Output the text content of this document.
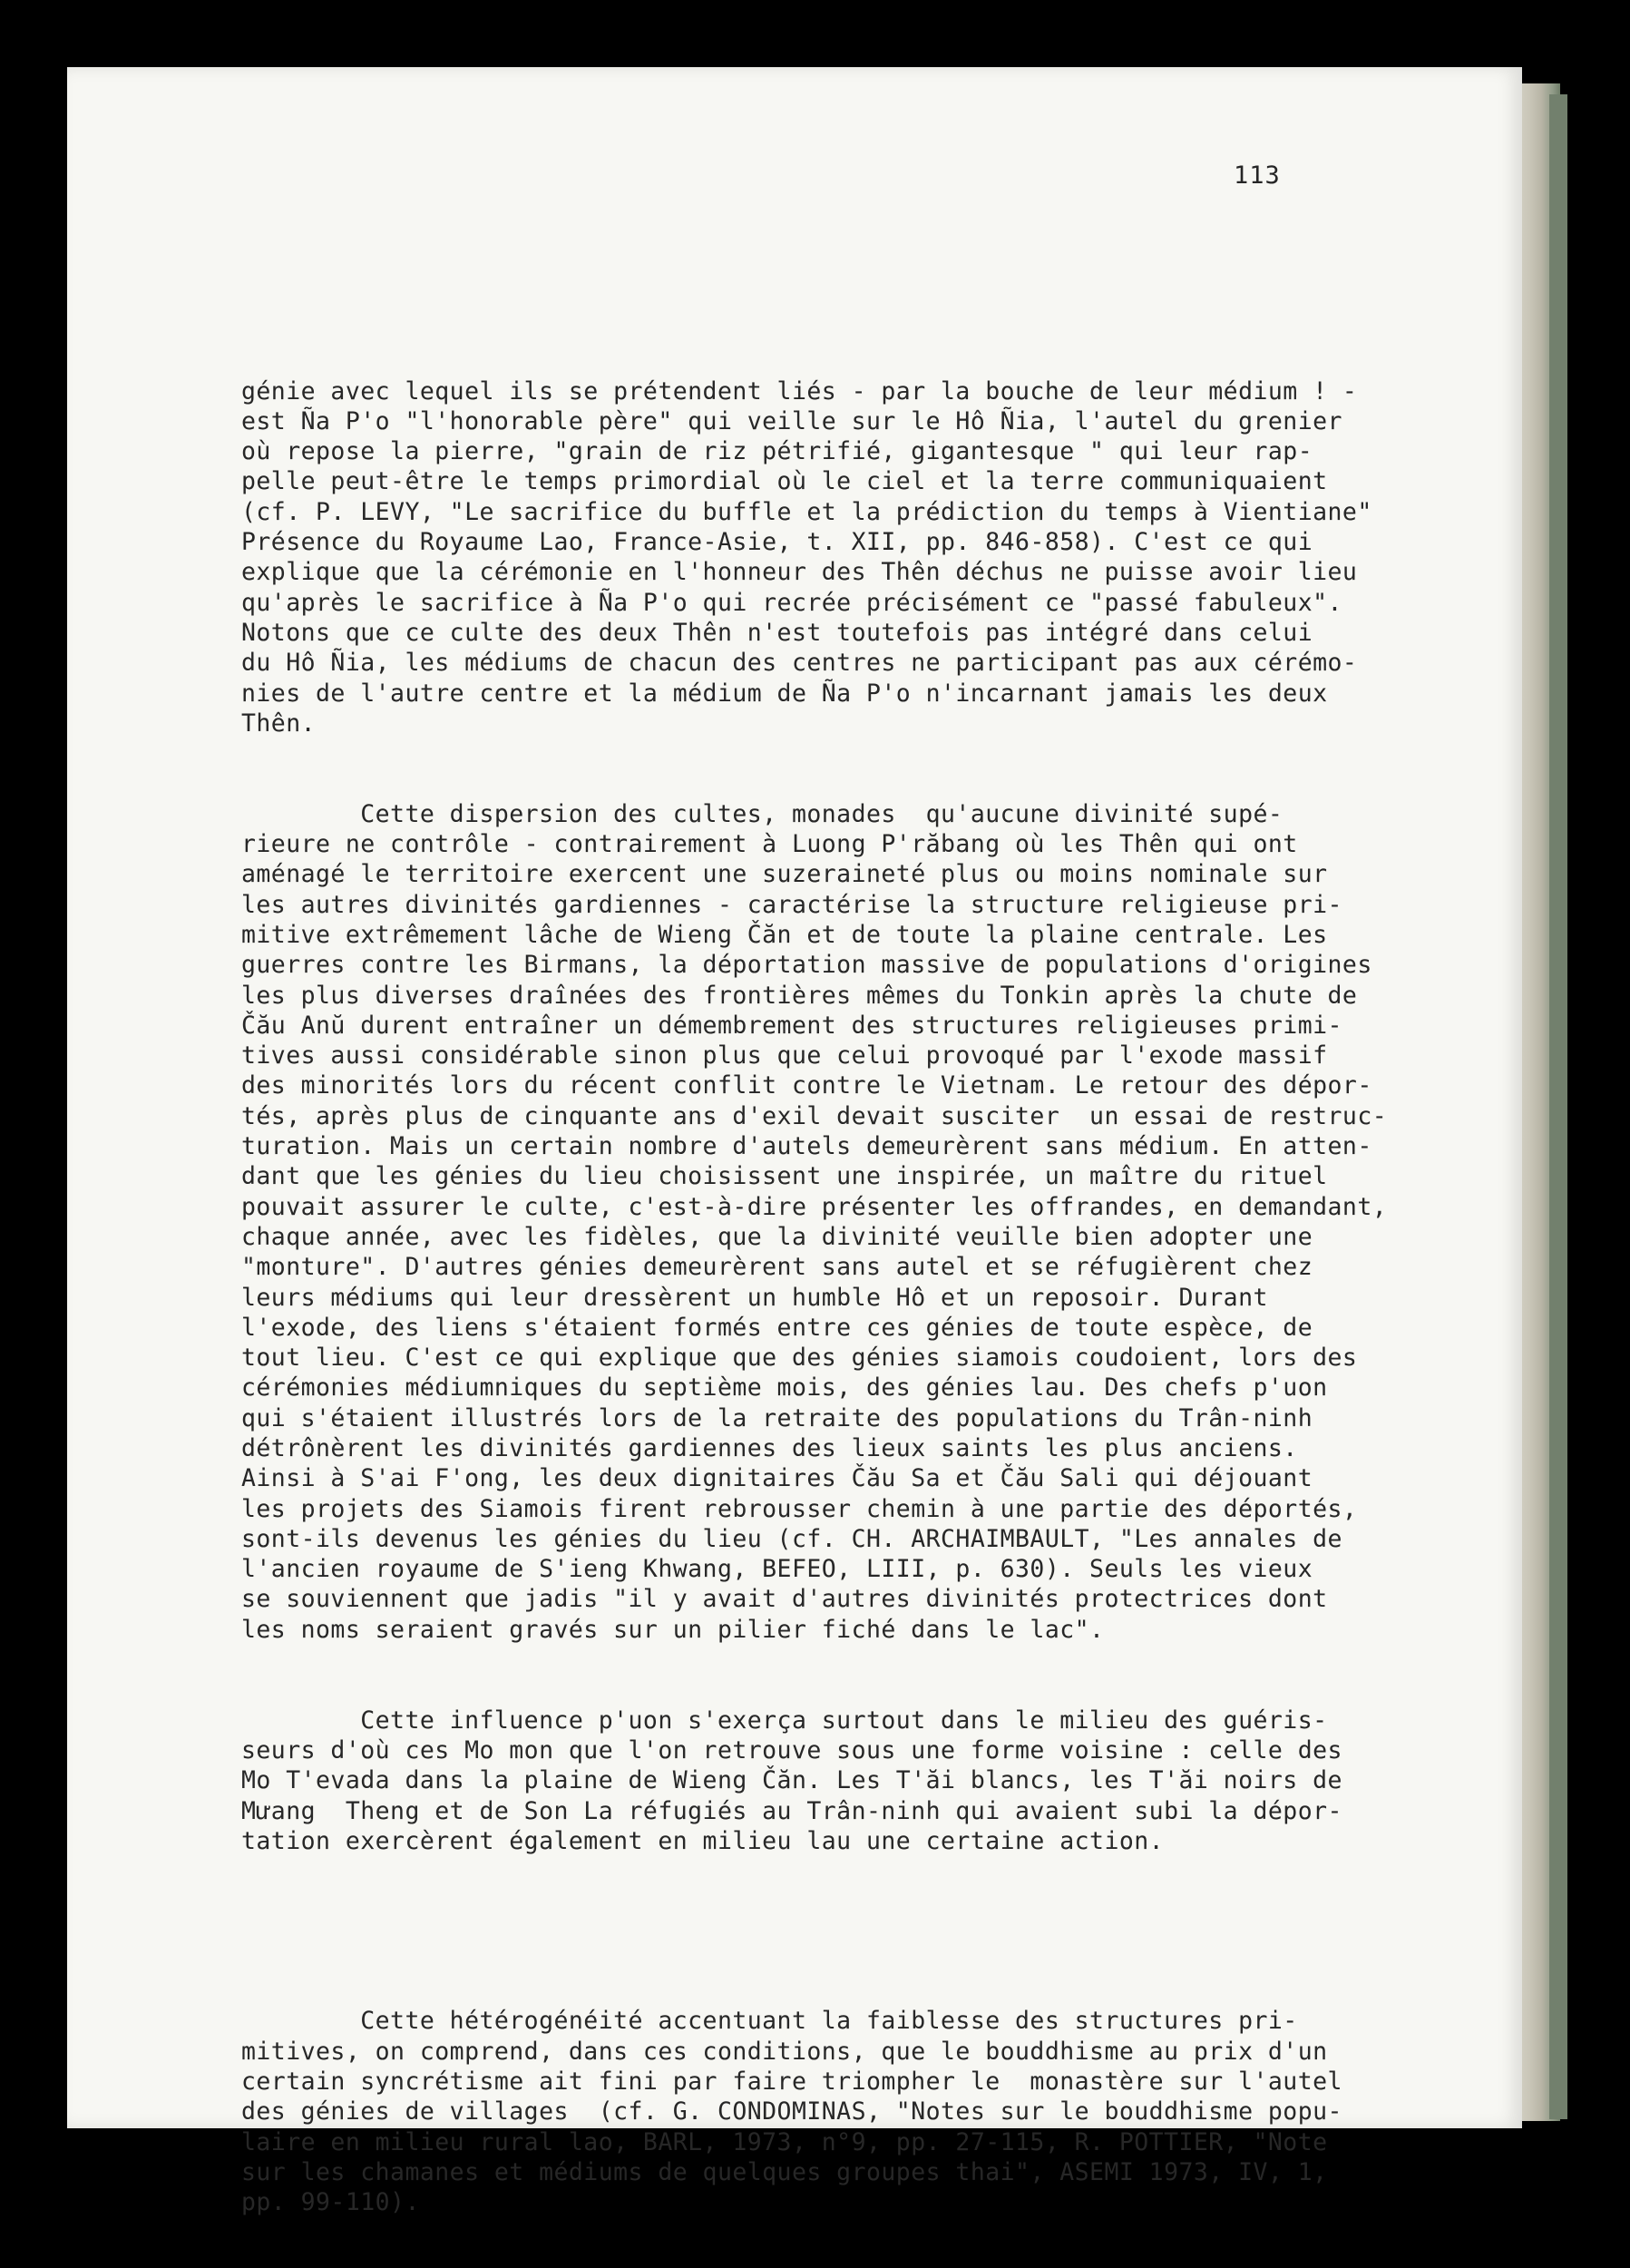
113

génie avec lequel ils se prétendent liés - par la bouche de leur médium ! -
est Ña P'o "l'honorable père" qui veille sur le Hô Ñia, l'autel du grenier
où repose la pierre, "grain de riz pétrifié, gigantesque " qui leur rap-
pelle peut-être le temps primordial où le ciel et la terre communiquaient
(cf. P. LEVY, "Le sacrifice du buffle et la prédiction du temps à Vientiane"
Présence du Royaume Lao, France-Asie, t. XII, pp. 846-858). C'est ce qui
explique que la cérémonie en l'honneur des Thên déchus ne puisse avoir lieu
qu'après le sacrifice à Ña P'o qui recrée précisément ce "passé fabuleux".
Notons que ce culte des deux Thên n'est toutefois pas intégré dans celui
du Hô Ñia, les médiums de chacun des centres ne participant pas aux cérémo-
nies de l'autre centre et la médium de Ña P'o n'incarnant jamais les deux
Thên.

Cette dispersion des cultes, monades  qu'aucune divinité supé-
rieure ne contrôle - contrairement à Luong P'răbang où les Thên qui ont
aménagé le territoire exercent une suzeraineté plus ou moins nominale sur
les autres divinités gardiennes - caractérise la structure religieuse pri-
mitive extrêmement lâche de Wieng Čăn et de toute la plaine centrale. Les
guerres contre les Birmans, la déportation massive de populations d'origines
les plus diverses draînées des frontières mêmes du Tonkin après la chute de
Čău Anŭ durent entraîner un démembrement des structures religieuses primi-
tives aussi considérable sinon plus que celui provoqué par l'exode massif
des minorités lors du récent conflit contre le Vietnam. Le retour des dépor-
tés, après plus de cinquante ans d'exil devait susciter  un essai de restruc-
turation. Mais un certain nombre d'autels demeurèrent sans médium. En atten-
dant que les génies du lieu choisissent une inspirée, un maître du rituel
pouvait assurer le culte, c'est-à-dire présenter les offrandes, en demandant,
chaque année, avec les fidèles, que la divinité veuille bien adopter une
"monture". D'autres génies demeurèrent sans autel et se réfugièrent chez
leurs médiums qui leur dressèrent un humble Hô et un reposoir. Durant
l'exode, des liens s'étaient formés entre ces génies de toute espèce, de
tout lieu. C'est ce qui explique que des génies siamois coudoient, lors des
cérémonies médiumniques du septième mois, des génies lau. Des chefs p'uon
qui s'étaient illustrés lors de la retraite des populations du Trân-ninh
détrônèrent les divinités gardiennes des lieux saints les plus anciens.
Ainsi à S'ai F'ong, les deux dignitaires Čău Sa et Čău Sali qui déjouant
les projets des Siamois firent rebrousser chemin à une partie des déportés,
sont-ils devenus les génies du lieu (cf. CH. ARCHAIMBAULT, "Les annales de
l'ancien royaume de S'ieng Khwang, BEFEO, LIII, p. 630). Seuls les vieux
se souviennent que jadis "il y avait d'autres divinités protectrices dont
les noms seraient gravés sur un pilier fiché dans le lac".

Cette influence p'uon s'exerça surtout dans le milieu des guéris-
seurs d'où ces Mo mon que l'on retrouve sous une forme voisine : celle des
Mo T'evada dans la plaine de Wieng Čăn. Les T'ăi blancs, les T'ăi noirs de
Mưang  Theng et de Son La réfugiés au Trân-ninh qui avaient subi la dépor-
tation exercèrent également en milieu lau une certaine action.

Cette hétérogénéité accentuant la faiblesse des structures pri-
mitives, on comprend, dans ces conditions, que le bouddhisme au prix d'un
certain syncrétisme ait fini par faire triompher le  monastère sur l'autel
des génies de villages  (cf. G. CONDOMINAS, "Notes sur le bouddhisme popu-
laire en milieu rural lao, BARL, 1973, n°9, pp. 27-115, R. POTTIER, "Note
sur les chamanes et médiums de quelques groupes thai", ASEMI 1973, IV, 1,
pp. 99-110).
